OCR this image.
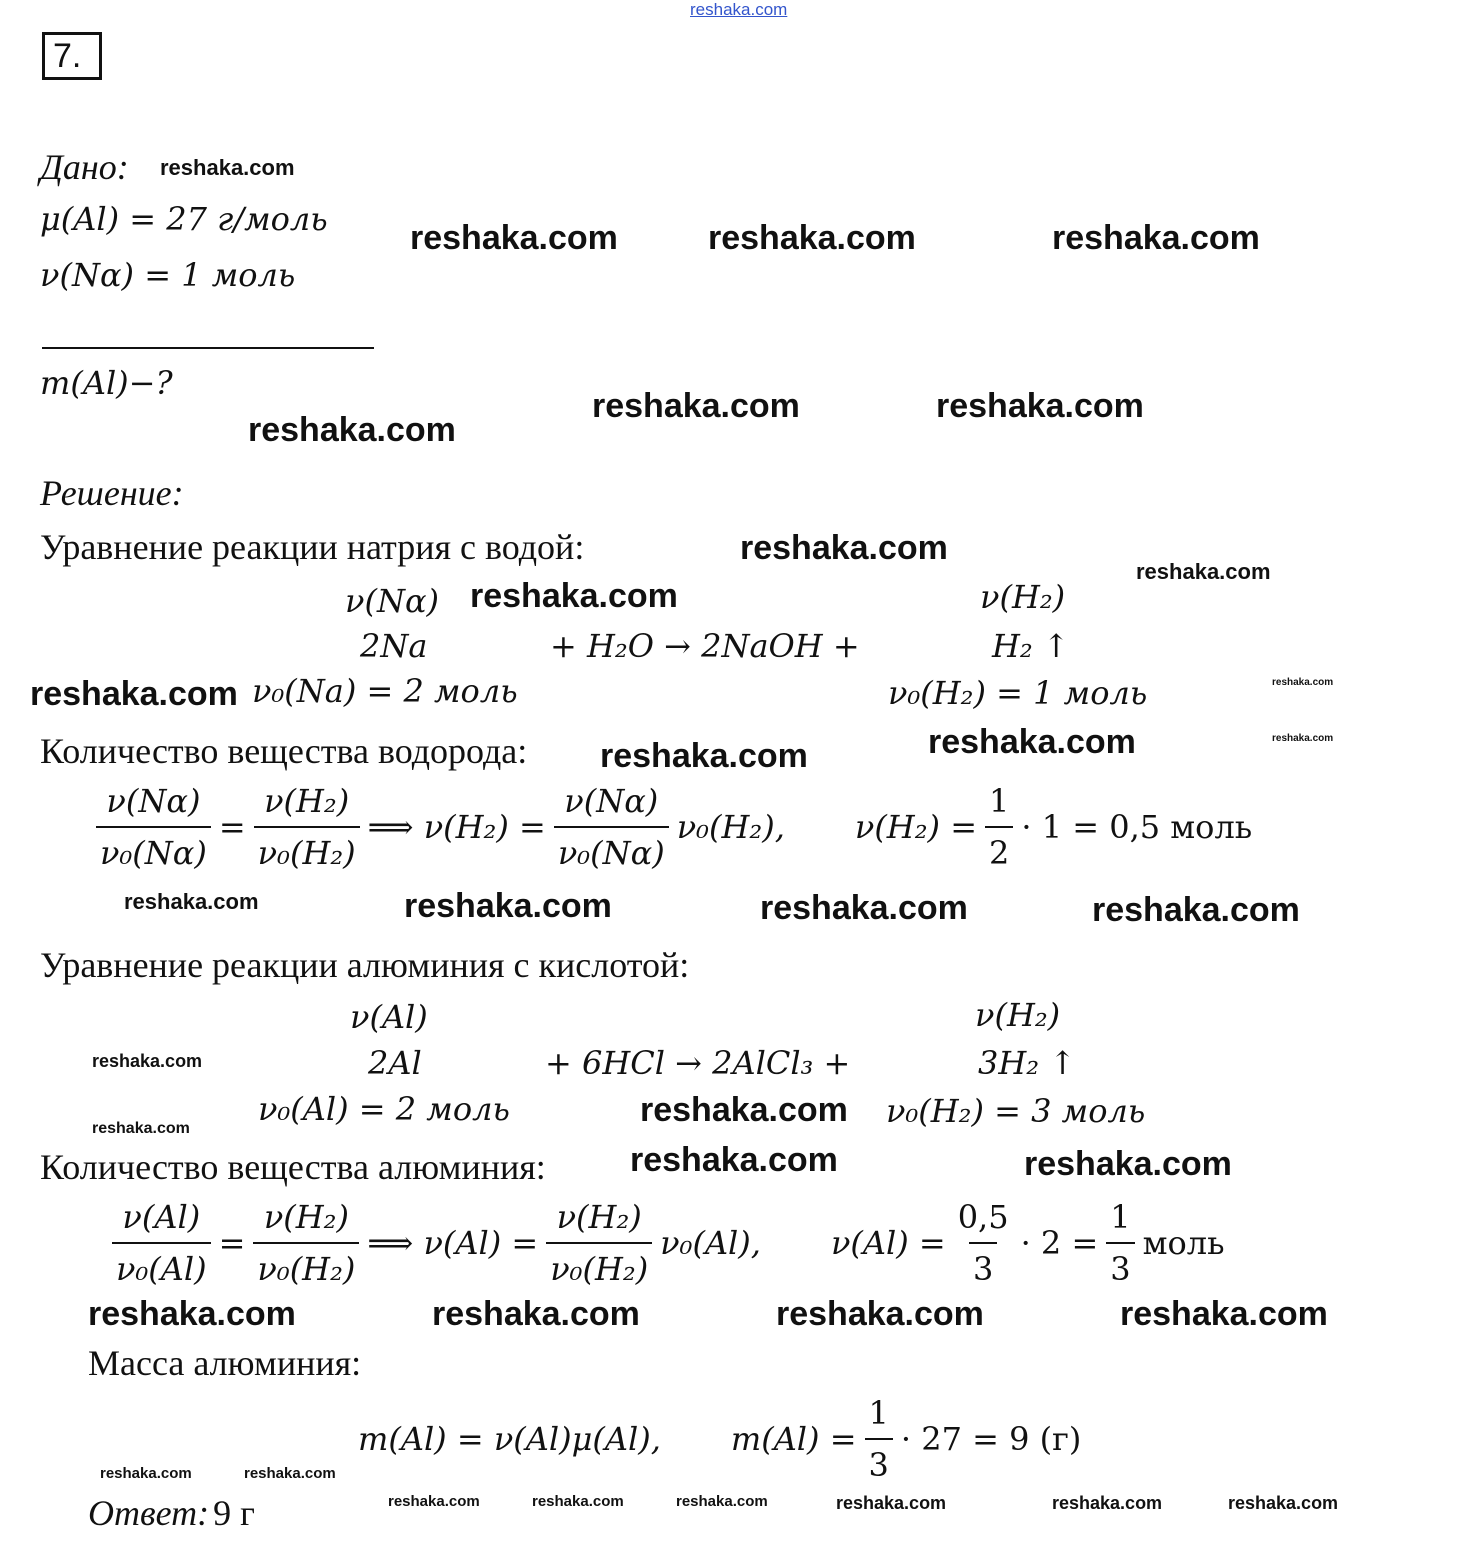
reshaka.com
7.
Дано:
μ(Al) = 27 г/моль
ν(Nα) = 1 моль
m(Al)−?
Решение:
Уравнение реакции натрия с водой:
ν(Nα)	ν(H₂)
2Na	+ H₂O → 2NaOH +	H₂ ↑
ν₀(Na) = 2 моль	ν₀(H₂) = 1 моль
Количество вещества водорода:
$\frac{\nu(N\alpha)}{\text{ν₀(Nα)}} = \frac{\text{ν(H₂)}}{\text{ν₀(H₂)}}$ ⟹ $\nu(H_2) = \frac{\nu(N\alpha)}{\text{ν₀(Nα)}} \nu_0(H_2)$, $\nu(H_2) = \frac{1}{2} \cdot 1 = 0,5$ моль
Уравнение реакции алюминия с кислотой:
ν(Al)	ν(H₂)
2Al	+ 6HCl → 2AlCl₃ +	3H₂ ↑
ν₀(Al) = 2 моль	ν₀(H₂) = 3 моль
Количество вещества алюминия:
$\frac{\nu(Al)}{\text{ν₀(Al)}} = \frac{\text{ν(H₂)}}{\text{ν₀(H₂)}}$ ⟹ $\nu(Al) = \frac{\text{ν(H₂)}}{\text{ν₀(H₂)}} \nu_0(Al)$, $\nu(Al) = \frac{0,5}{3} \cdot 2 = \frac{1}{3}$ моль
Масса алюминия:
m(Al) = ν(Al)μ(Al), $m(Al) = \frac{1}{3} \cdot 27 = 9$ (г)
Ответ: 9 г
reshaka.com
reshaka.com	reshaka.com	reshaka.com
reshaka.com	reshaka.com
reshaka.com
reshaka.com
reshaka.com
reshaka.com
reshaka.com
reshaka.com
reshaka.com
reshaka.com
reshaka.com
reshaka.com
reshaka.com	reshaka.com	reshaka.com
reshaka.com
reshaka.com
reshaka.com
reshaka.com	reshaka.com
reshaka.com	reshaka.com	reshaka.com	reshaka.com
reshaka.com	reshaka.com
reshaka.com	reshaka.com	reshaka.com	reshaka.com	reshaka.com	reshaka.com
